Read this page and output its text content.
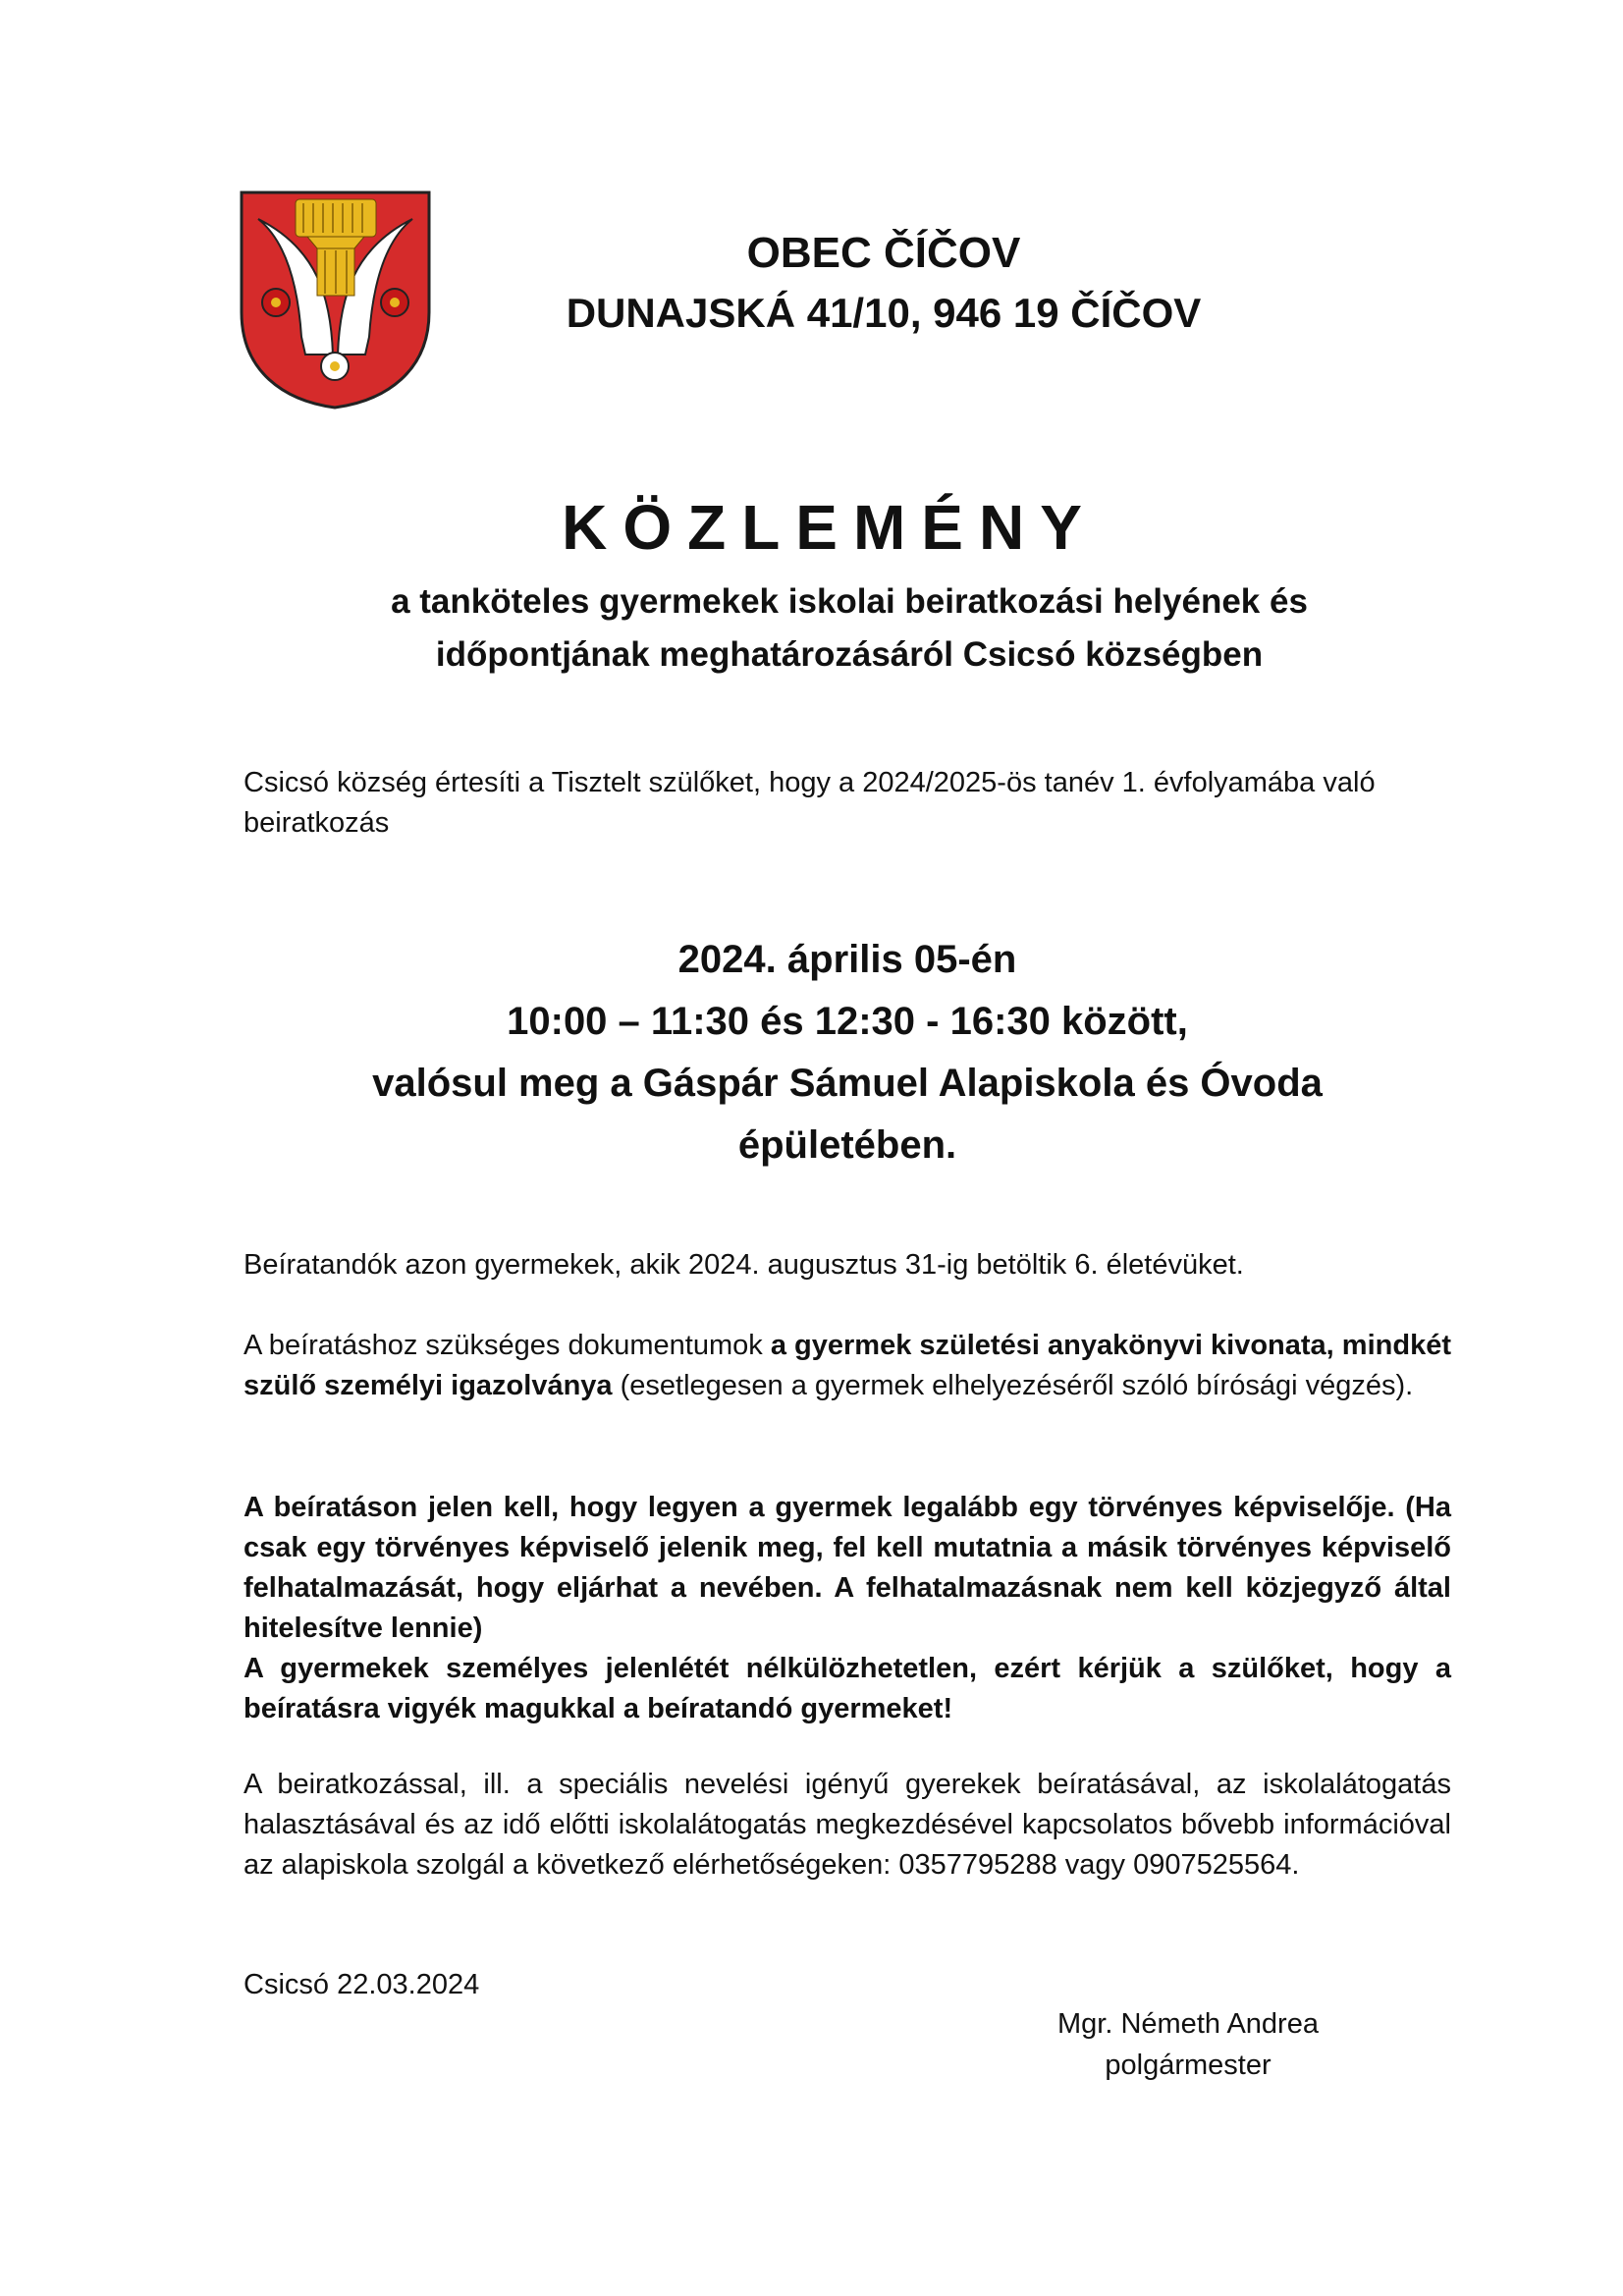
OBEC ČÍČOV
DUNAJSKÁ 41/10, 946 19 ČÍČOV
KÖZLEMÉNY
a tanköteles gyermekek iskolai beiratkozási helyének és
időpontjának meghatározásáról Csicsó községben
Csicsó község értesíti a Tisztelt szülőket, hogy a 2024/2025-ös tanév 1. évfolyamába való beiratkozás
2024. április 05-én
10:00 – 11:30 és 12:30 - 16:30 között,
valósul meg a Gáspár Sámuel Alapiskola és Óvoda
épületében.
Beíratandók azon gyermekek, akik 2024. augusztus 31-ig betöltik 6. életévüket.
A beíratáshoz szükséges dokumentumok a gyermek születési anyakönyvi kivonata, mindkét szülő személyi igazolványa (esetlegesen a gyermek elhelyezéséről szóló bírósági végzés).
A beíratáson jelen kell, hogy legyen a gyermek legalább egy törvényes képviselője. (Ha csak egy törvényes képviselő jelenik meg, fel kell mutatnia a másik törvényes képviselő felhatalmazását, hogy eljárhat a nevében. A felhatalmazásnak nem kell közjegyző által hitelesítve lennie)
A gyermekek személyes jelenlétét nélkülözhetetlen, ezért kérjük a szülőket, hogy a beíratásra vigyék magukkal a beíratandó gyermeket!
A beiratkozással, ill. a speciális nevelési igényű gyerekek beíratásával, az iskolalátogatás halasztásával és az idő előtti iskolalátogatás megkezdésével kapcsolatos bővebb információval az alapiskola szolgál a következő elérhetőségeken: 0357795288 vagy 0907525564.
Csicsó 22.03.2024
Mgr. Németh Andrea
polgármester
